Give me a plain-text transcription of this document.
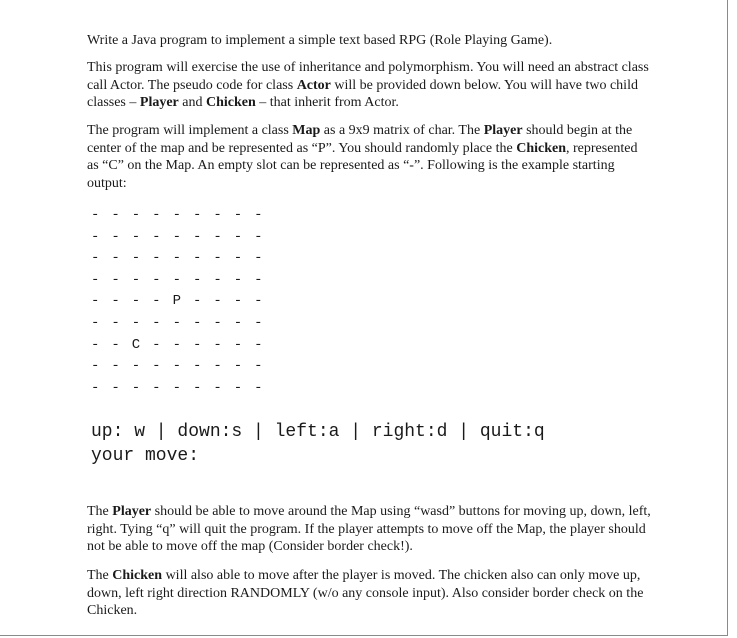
Write a Java program to implement a simple text based RPG (Role Playing Game).

This program will exercise the use of inheritance and polymorphism. You will need an abstract class call Actor. The pseudo code for class Actor will be provided down below. You will have two child classes – Player and Chicken – that inherit from Actor.

The program will implement a class Map as a 9x9 matrix of char. The Player should begin at the center of the map and be represented as “P”. You should randomly place the Chicken, represented as “C” on the Map. An empty slot can be represented as “-”. Following is the example starting output:

- - - - - - - - -
- - - - - - - - -
- - - - - - - - -
- - - - - - - - -
- - - - P - - - -
- - - - - - - - -
- - C - - - - - -
- - - - - - - - -
- - - - - - - - -
up: w | down:s | left:a | right:d | quit:q
your move:

The Player should be able to move around the Map using “wasd” buttons for moving up, down, left, right. Tying “q” will quit the program. If the player attempts to move off the Map, the player should not be able to move off the map (Consider border check!).

The Chicken will also able to move after the player is moved. The chicken also can only move up, down, left right direction RANDOMLY (w/o any console input). Also consider border check on the Chicken.
